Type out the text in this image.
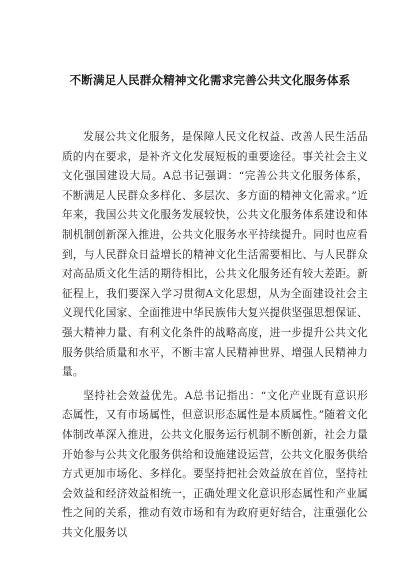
不断满足人民群众精神文化需求完善公共文化服务体系

发展公共文化服务，是保障人民文化权益、改善人民生活品质的内在要求，是补齐文化发展短板的重要途径。事关社会主义文化强国建设大局。A总书记强调：“完善公共文化服务体系，不断满足人民群众多样化、多层次、多方面的精神文化需求。”近年来，我国公共文化服务发展较快，公共文化服务体系建设和体制机制创新深入推进，公共文化服务水平持续提升。同时也应看到，与人民群众日益增长的精神文化生活需要相比、与人民群众对高品质文化生活的期待相比，公共文化服务还有较大差距。新征程上，我们要深入学习贯彻A文化思想，从为全面建设社会主义现代化国家、全面推进中华民族伟大复兴提供坚强思想保证、强大精神力量、有利文化条件的战略高度，进一步提升公共文化服务供给质量和水平，不断丰富人民精神世界、增强人民精神力量。

坚持社会效益优先。A总书记指出：“文化产业既有意识形态属性，又有市场属性，但意识形态属性是本质属性。”随着文化体制改革深入推进，公共文化服务运行机制不断创新，社会力量开始参与公共文化服务供给和设施建设运营，公共文化服务供给方式更加市场化、多样化。要坚持把社会效益放在首位，坚持社会效益和经济效益相统一，正确处理文化意识形态属性和产业属性之间的关系，推动有效市场和有为政府更好结合，注重强化公共文化服务以
